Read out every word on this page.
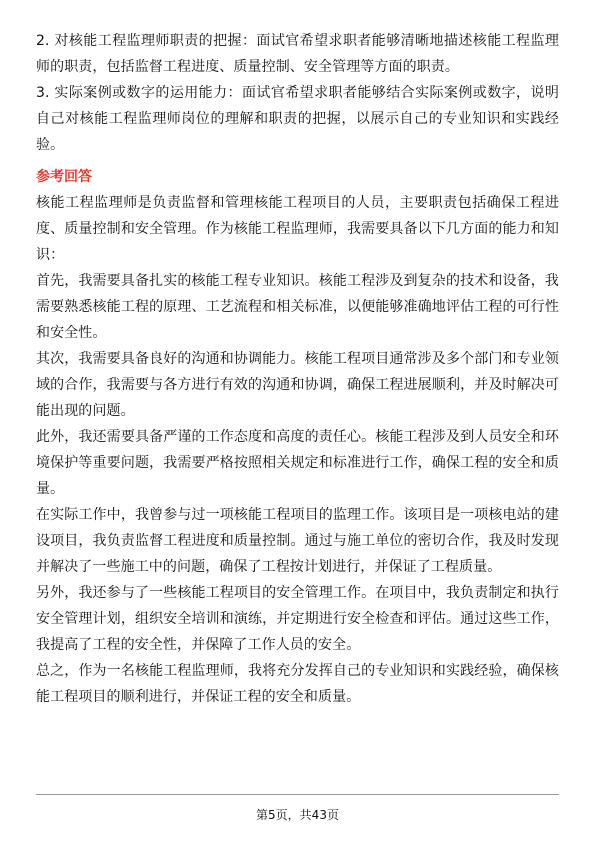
2. 对核能工程监理师职责的把握：面试官希望求职者能够清晰地描述核能工程监理师的职责，包括监督工程进度、质量控制、安全管理等方面的职责。

3. 实际案例或数字的运用能力：面试官希望求职者能够结合实际案例或数字，说明自己对核能工程监理师岗位的理解和职责的把握，以展示自己的专业知识和实践经验。

参考回答

核能工程监理师是负责监督和管理核能工程项目的人员，主要职责包括确保工程进度、质量控制和安全管理。作为核能工程监理师，我需要具备以下几方面的能力和知识：

首先，我需要具备扎实的核能工程专业知识。核能工程涉及到复杂的技术和设备，我需要熟悉核能工程的原理、工艺流程和相关标准，以便能够准确地评估工程的可行性和安全性。

其次，我需要具备良好的沟通和协调能力。核能工程项目通常涉及多个部门和专业领域的合作，我需要与各方进行有效的沟通和协调，确保工程进展顺利，并及时解决可能出现的问题。

此外，我还需要具备严谨的工作态度和高度的责任心。核能工程涉及到人员安全和环境保护等重要问题，我需要严格按照相关规定和标准进行工作，确保工程的安全和质量。

在实际工作中，我曾参与过一项核能工程项目的监理工作。该项目是一项核电站的建设项目，我负责监督工程进度和质量控制。通过与施工单位的密切合作，我及时发现并解决了一些施工中的问题，确保了工程按计划进行，并保证了工程质量。

另外，我还参与了一些核能工程项目的安全管理工作。在项目中，我负责制定和执行安全管理计划，组织安全培训和演练，并定期进行安全检查和评估。通过这些工作，我提高了工程的安全性，并保障了工作人员的安全。

总之，作为一名核能工程监理师，我将充分发挥自己的专业知识和实践经验，确保核能工程项目的顺利进行，并保证工程的安全和质量。

第5页，共43页
